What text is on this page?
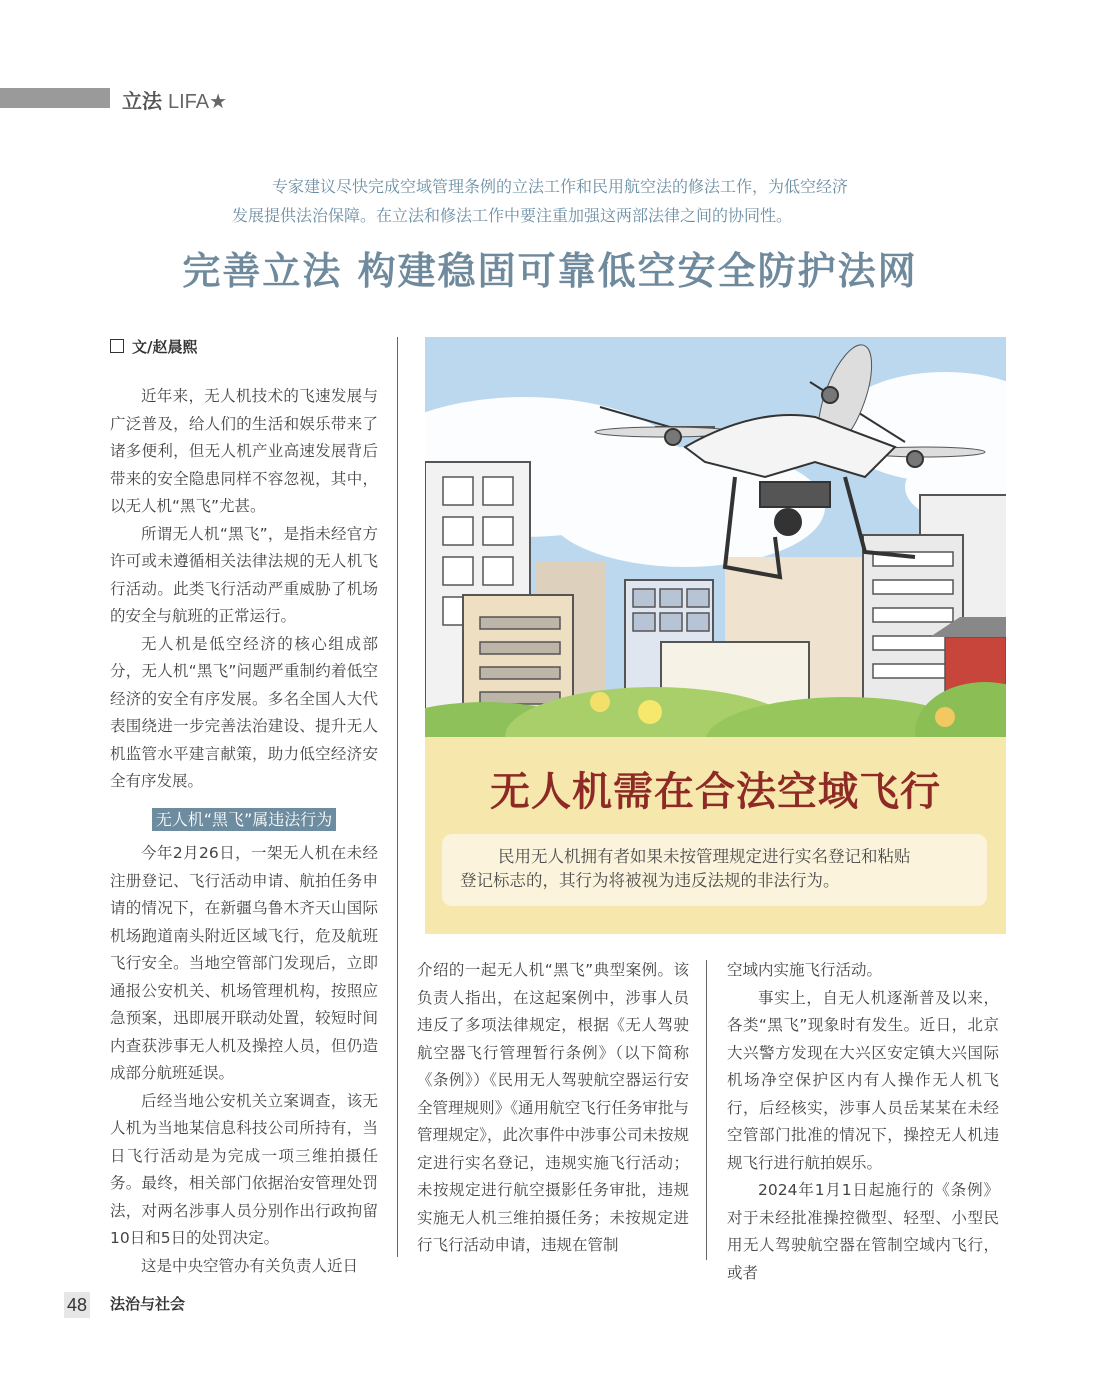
立法 LIFA★
专家建议尽快完成空域管理条例的立法工作和民用航空法的修法工作，为低空经济
发展提供法治保障。在立法和修法工作中要注重加强这两部法律之间的协同性。
完善立法 构建稳固可靠低空安全防护法网
文/赵晨熙

近年来，无人机技术的飞速发展与广泛普及，给人们的生活和娱乐带来了诸多便利，但无人机产业高速发展背后带来的安全隐患同样不容忽视，其中，以无人机“黑飞”尤甚。

所谓无人机“黑飞”，是指未经官方许可或未遵循相关法律法规的无人机飞行活动。此类飞行活动严重威胁了机场的安全与航班的正常运行。

无人机是低空经济的核心组成部分，无人机“黑飞”问题严重制约着低空经济的安全有序发展。多名全国人大代表围绕进一步完善法治建设、提升无人机监管水平建言献策，助力低空经济安全有序发展。

无人机“黑飞”属违法行为

今年2月26日，一架无人机在未经注册登记、飞行活动申请、航拍任务申请的情况下，在新疆乌鲁木齐天山国际机场跑道南头附近区域飞行，危及航班飞行安全。当地空管部门发现后，立即通报公安机关、机场管理机构，按照应急预案，迅即展开联动处置，较短时间内查获涉事无人机及操控人员，但仍造成部分航班延误。

后经当地公安机关立案调查，该无人机为当地某信息科技公司所持有，当日飞行活动是为完成一项三维拍摄任务。最终，相关部门依据治安管理处罚法，对两名涉事人员分别作出行政拘留10日和5日的处罚决定。

这是中央空管办有关负责人近日

无人机需在合法空域飞行
民用无人机拥有者如果未按管理规定进行实名登记和粘贴
登记标志的，其行为将被视为违反法规的非法行为。

介绍的一起无人机“黑飞”典型案例。该负责人指出，在这起案例中，涉事人员违反了多项法律规定，根据《无人驾驶航空器飞行管理暂行条例》（以下简称《条例》）《民用无人驾驶航空器运行安全管理规则》《通用航空飞行任务审批与管理规定》，此次事件中涉事公司未按规定进行实名登记，违规实施飞行活动；未按规定进行航空摄影任务审批，违规实施无人机三维拍摄任务；未按规定进行飞行活动申请，违规在管制

空域内实施飞行活动。

事实上，自无人机逐渐普及以来，各类“黑飞”现象时有发生。近日，北京大兴警方发现在大兴区安定镇大兴国际机场净空保护区内有人操作无人机飞行，后经核实，涉事人员岳某某在未经空管部门批准的情况下，操控无人机违规飞行进行航拍娱乐。

2024年1月1日起施行的《条例》对于未经批准操控微型、轻型、小型民用无人驾驶航空器在管制空域内飞行，或者

48 法治与社会
